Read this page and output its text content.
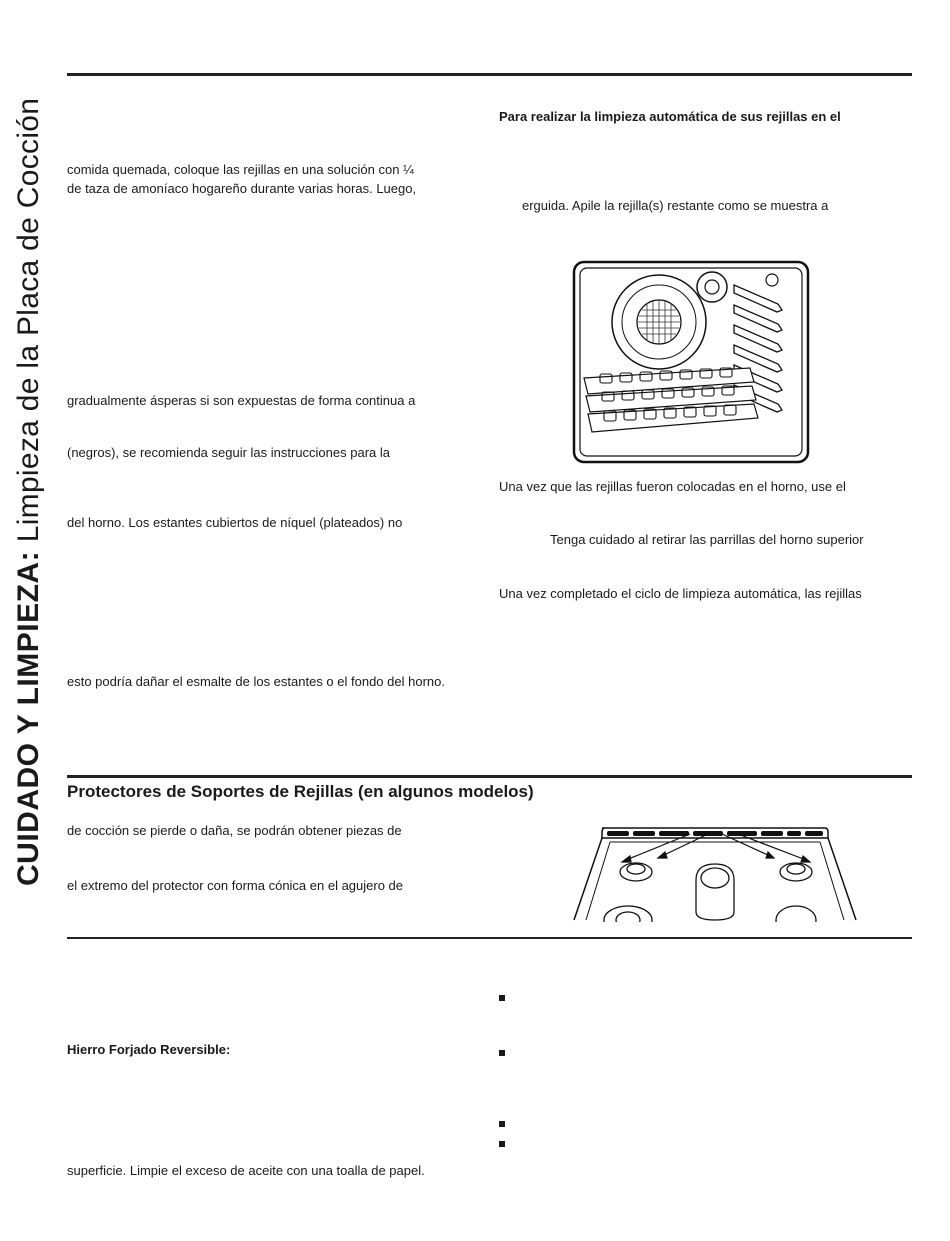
CUIDADO Y LIMPIEZA: Limpieza de la Placa de Cocción comida quemada, coloque las rejillas en una solución con ¼
de taza de amoníaco hogareño durante varias horas. Luego,
gradualmente ásperas si son expuestas de forma continua a
(negros), se recomienda seguir las instrucciones para la
del horno. Los estantes cubiertos de níquel (plateados) no
esto podría dañar el esmalte de los estantes o el fondo del horno.
Para realizar la limpieza automática de sus rejillas en el
erguida. Apile la rejilla(s) restante como se muestra a
Una vez que las rejillas fueron colocadas en el horno, use el
Tenga cuidado al retirar las parrillas del horno superior
Una vez completado el ciclo de limpieza automática, las rejillas
Protectores de Soportes de Rejillas (en algunos modelos)
de cocción se pierde o daña, se podrán obtener piezas de
el extremo del protector con forma cónica en el agujero de
Hierro Forjado Reversible:
superficie. Limpie el exceso de aceite con una toalla de papel.
